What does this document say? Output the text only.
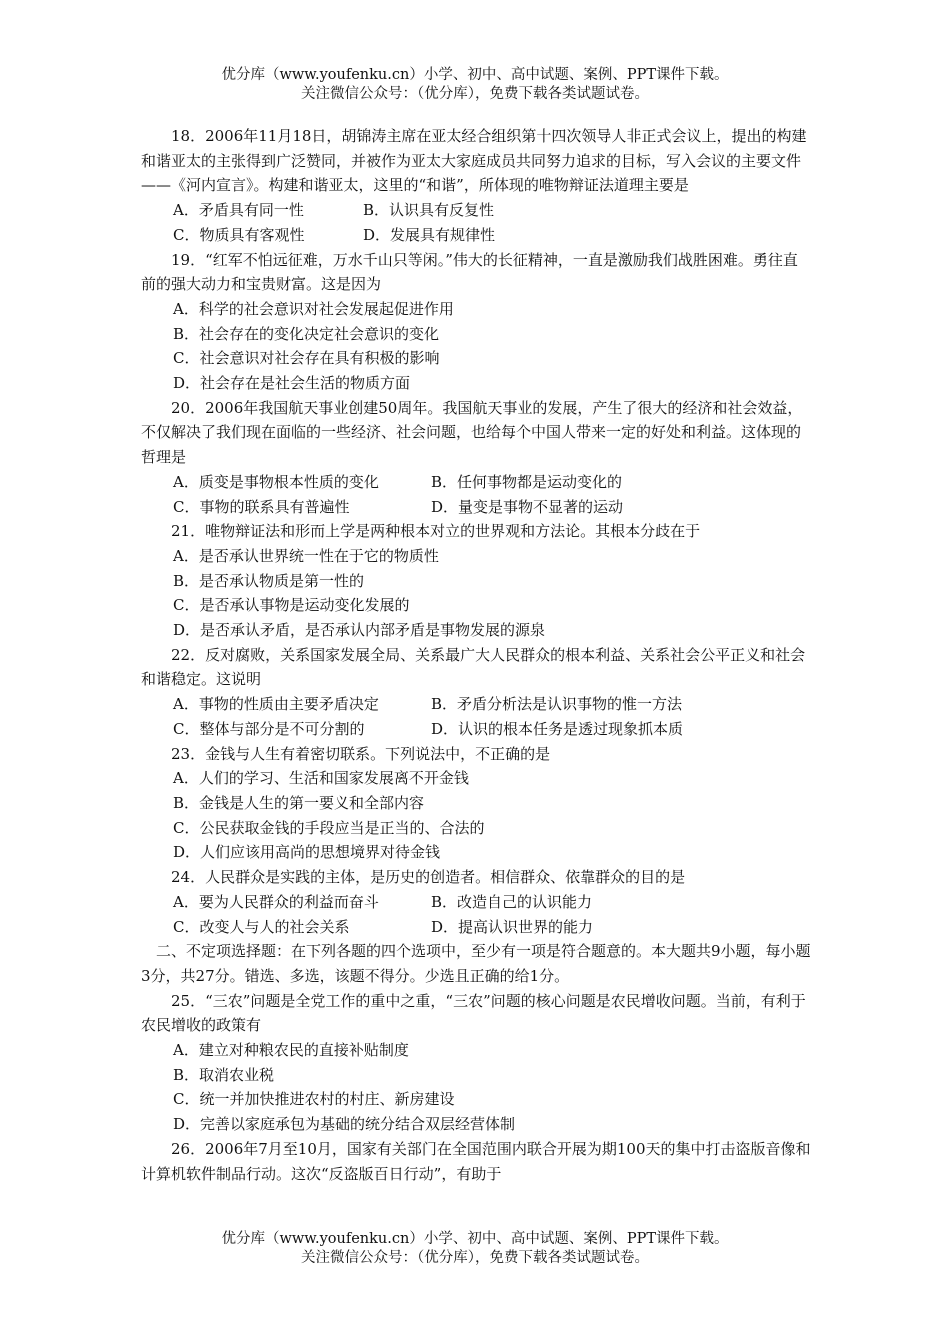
优分库（www.youfenku.cn）小学、初中、高中试题、案例、PPT课件下载。
关注微信公众号：（优分库），免费下载各类试题试卷。

18．2006年11月18日，胡锦涛主席在亚太经合组织第十四次领导人非正式会议上，提出的构建和谐亚太的主张得到广泛赞同，并被作为亚太大家庭成员共同努力追求的目标，写入会议的主要文件——《河内宣言》。构建和谐亚太，这里的“和谐”，所体现的唯物辩证法道理主要是

A．矛盾具有同一性	B．认识具有反复性
C．物质具有客观性	D．发展具有规律性

19．“红军不怕远征难，万水千山只等闲。”伟大的长征精神，一直是激励我们战胜困难。勇往直前的强大动力和宝贵财富。这是因为

A．科学的社会意识对社会发展起促进作用

B．社会存在的变化决定社会意识的变化

C．社会意识对社会存在具有积极的影响

D．社会存在是社会生活的物质方面

20．2006年我国航天事业创建50周年。我国航天事业的发展，产生了很大的经济和社会效益，不仅解决了我们现在面临的一些经济、社会问题，也给每个中国人带来一定的好处和利益。这体现的哲理是

A．质变是事物根本性质的变化	B．任何事物都是运动变化的
C．事物的联系具有普遍性	D．量变是事物不显著的运动

21．唯物辩证法和形而上学是两种根本对立的世界观和方法论。其根本分歧在于

A．是否承认世界统一性在于它的物质性

B．是否承认物质是第一性的

C．是否承认事物是运动变化发展的

D．是否承认矛盾，是否承认内部矛盾是事物发展的源泉

22．反对腐败，关系国家发展全局、关系最广大人民群众的根本利益、关系社会公平正义和社会和谐稳定。这说明

A．事物的性质由主要矛盾决定	B．矛盾分析法是认识事物的惟一方法
C．整体与部分是不可分割的	D．认识的根本任务是透过现象抓本质

23．金钱与人生有着密切联系。下列说法中，不正确的是

A．人们的学习、生活和国家发展离不开金钱

B．金钱是人生的第一要义和全部内容

C．公民获取金钱的手段应当是正当的、合法的

D．人们应该用高尚的思想境界对待金钱

24．人民群众是实践的主体，是历史的创造者。相信群众、依靠群众的目的是

A．要为人民群众的利益而奋斗	B．改造自己的认识能力
C．改变人与人的社会关系	D．提高认识世界的能力

二、不定项选择题：在下列各题的四个选项中，至少有一项是符合题意的。本大题共9小题，每小题3分，共27分。错选、多选，该题不得分。少选且正确的给1分。

25．“三农”问题是全党工作的重中之重，“三农”问题的核心问题是农民增收问题。当前，有利于农民增收的政策有

A．建立对种粮农民的直接补贴制度

B．取消农业税

C．统一并加快推进农村的村庄、新房建设

D．完善以家庭承包为基础的统分结合双层经营体制

26．2006年7月至10月，国家有关部门在全国范围内联合开展为期100天的集中打击盗版音像和计算机软件制品行动。这次“反盗版百日行动”，有助于

优分库（www.youfenku.cn）小学、初中、高中试题、案例、PPT课件下载。
关注微信公众号：（优分库），免费下载各类试题试卷。
